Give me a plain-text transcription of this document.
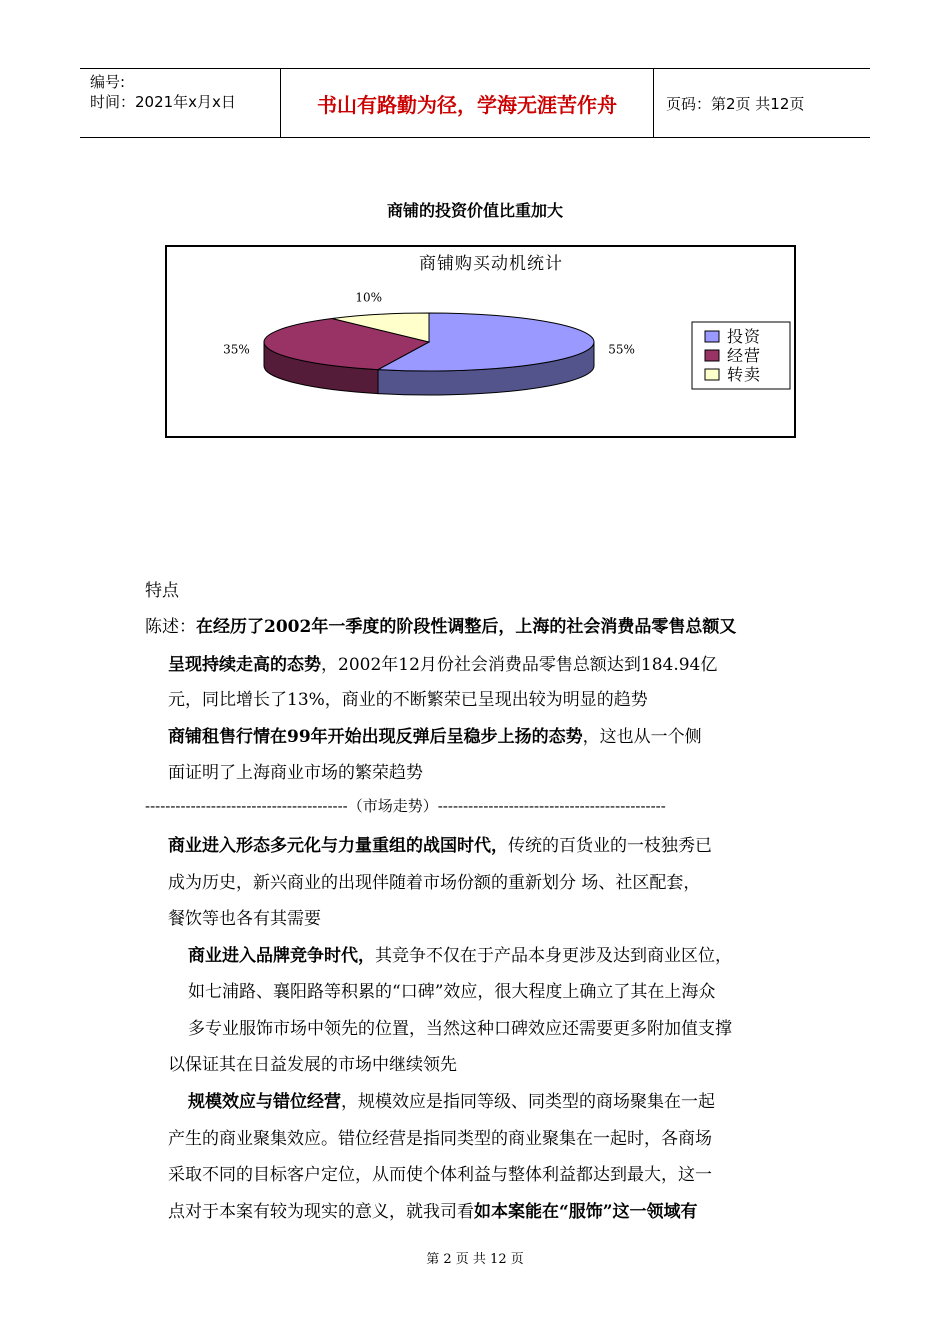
编号:
时间：2021年x月x日	书山有路勤为径，学海无涯苦作舟	页码：第2页 共12页
商铺的投资价值比重加大
商铺购买动机统计
55%
35%
10%
投资
经营
转卖
特点
陈述：在经历了2002年一季度的阶段性调整后，上海的社会消费品零售总额又
呈现持续走高的态势，2002年12月份社会消费品零售总额达到184.94亿
元，同比增长了13%，商业的不断繁荣已呈现出较为明显的趋势
商铺租售行情在99年开始出现反弹后呈稳步上扬的态势，这也从一个侧
面证明了上海商业市场的繁荣趋势
----------------------------------------（市场走势）---------------------------------------------
商业进入形态多元化与力量重组的战国时代，传统的百货业的一枝独秀已
成为历史，新兴商业的出现伴随着市场份额的重新划分 场、社区配套，
餐饮等也各有其需要
商业进入品牌竞争时代，其竞争不仅在于产品本身更涉及达到商业区位，
如七浦路、襄阳路等积累的“口碑”效应，很大程度上确立了其在上海众
多专业服饰市场中领先的位置，当然这种口碑效应还需要更多附加值支撑
以保证其在日益发展的市场中继续领先
规模效应与错位经营，规模效应是指同等级、同类型的商场聚集在一起
产生的商业聚集效应。错位经营是指同类型的商业聚集在一起时，各商场
采取不同的目标客户定位，从而使个体利益与整体利益都达到最大，这一
点对于本案有较为现实的意义，就我司看如本案能在“服饰”这一领域有
第 2 页 共 12 页
